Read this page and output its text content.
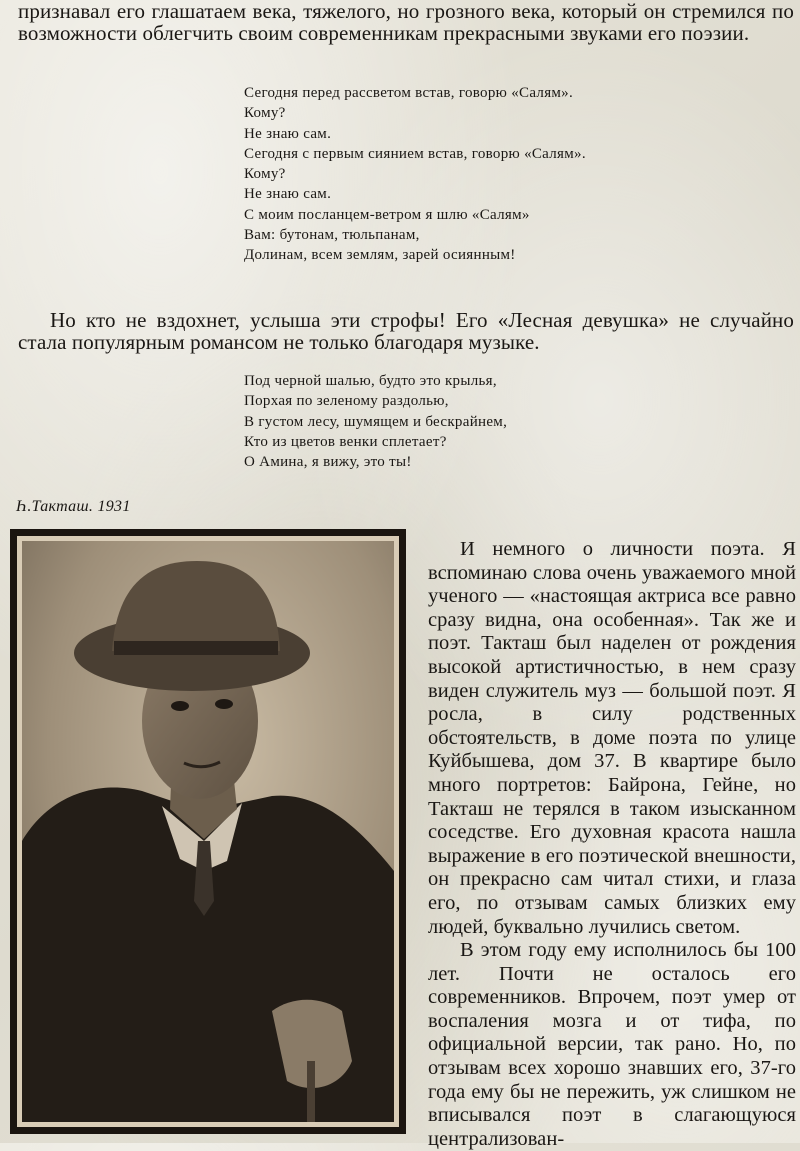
признавал его глашатаем века, тяжелого, но грозного века, который он стремился по возможности облегчить своим современникам прекрасными звуками его поэзии.

Сегодня перед рассветом встав, говорю «Салям».
Кому?
Не знаю сам.
Сегодня с первым сиянием встав, говорю «Салям».
Кому?
Не знаю сам.
С моим посланцем-ветром я шлю «Салям»
Вам: бутонам, тюльпанам,
Долинам, всем землям, зарей осиянным!

Но кто не вздохнет, услыша эти строфы! Его «Лесная девушка» не случайно стала популярным романсом не только благодаря музыке.

Под черной шалью, будто это крылья,
Порхая по зеленому раздолью,
В густом лесу, шумящем и бескрайнем,
Кто из цветов венки сплетает?
О Амина, я вижу, это ты!
Һ.Такташ. 1931

И немного о личности поэта. Я вспоминаю слова очень уважаемого мной ученого — «настоящая актриса все равно сразу видна, она особенная». Так же и поэт. Такташ был наделен от рождения высокой артистичностью, в нем сразу виден служитель муз — большой поэт. Я росла, в силу родственных обстоятельств, в доме поэта по улице Куйбышева, дом 37. В квартире было много портретов: Байрона, Гейне, но Такташ не терялся в таком изысканном соседстве. Его духовная красота нашла выражение в его поэтической внешности, он прекрасно сам читал стихи, и глаза его, по отзывам самых близких ему людей, буквально лучились светом.

В этом году ему исполнилось бы 100 лет. Почти не осталось его современников. Впрочем, поэт умер от воспаления мозга и от тифа, по официальной версии, так рано. Но, по отзывам всех хорошо знавших его, 37-го года ему бы не пережить, уж слишком не вписывался поэт в слагающуюся централизован-
